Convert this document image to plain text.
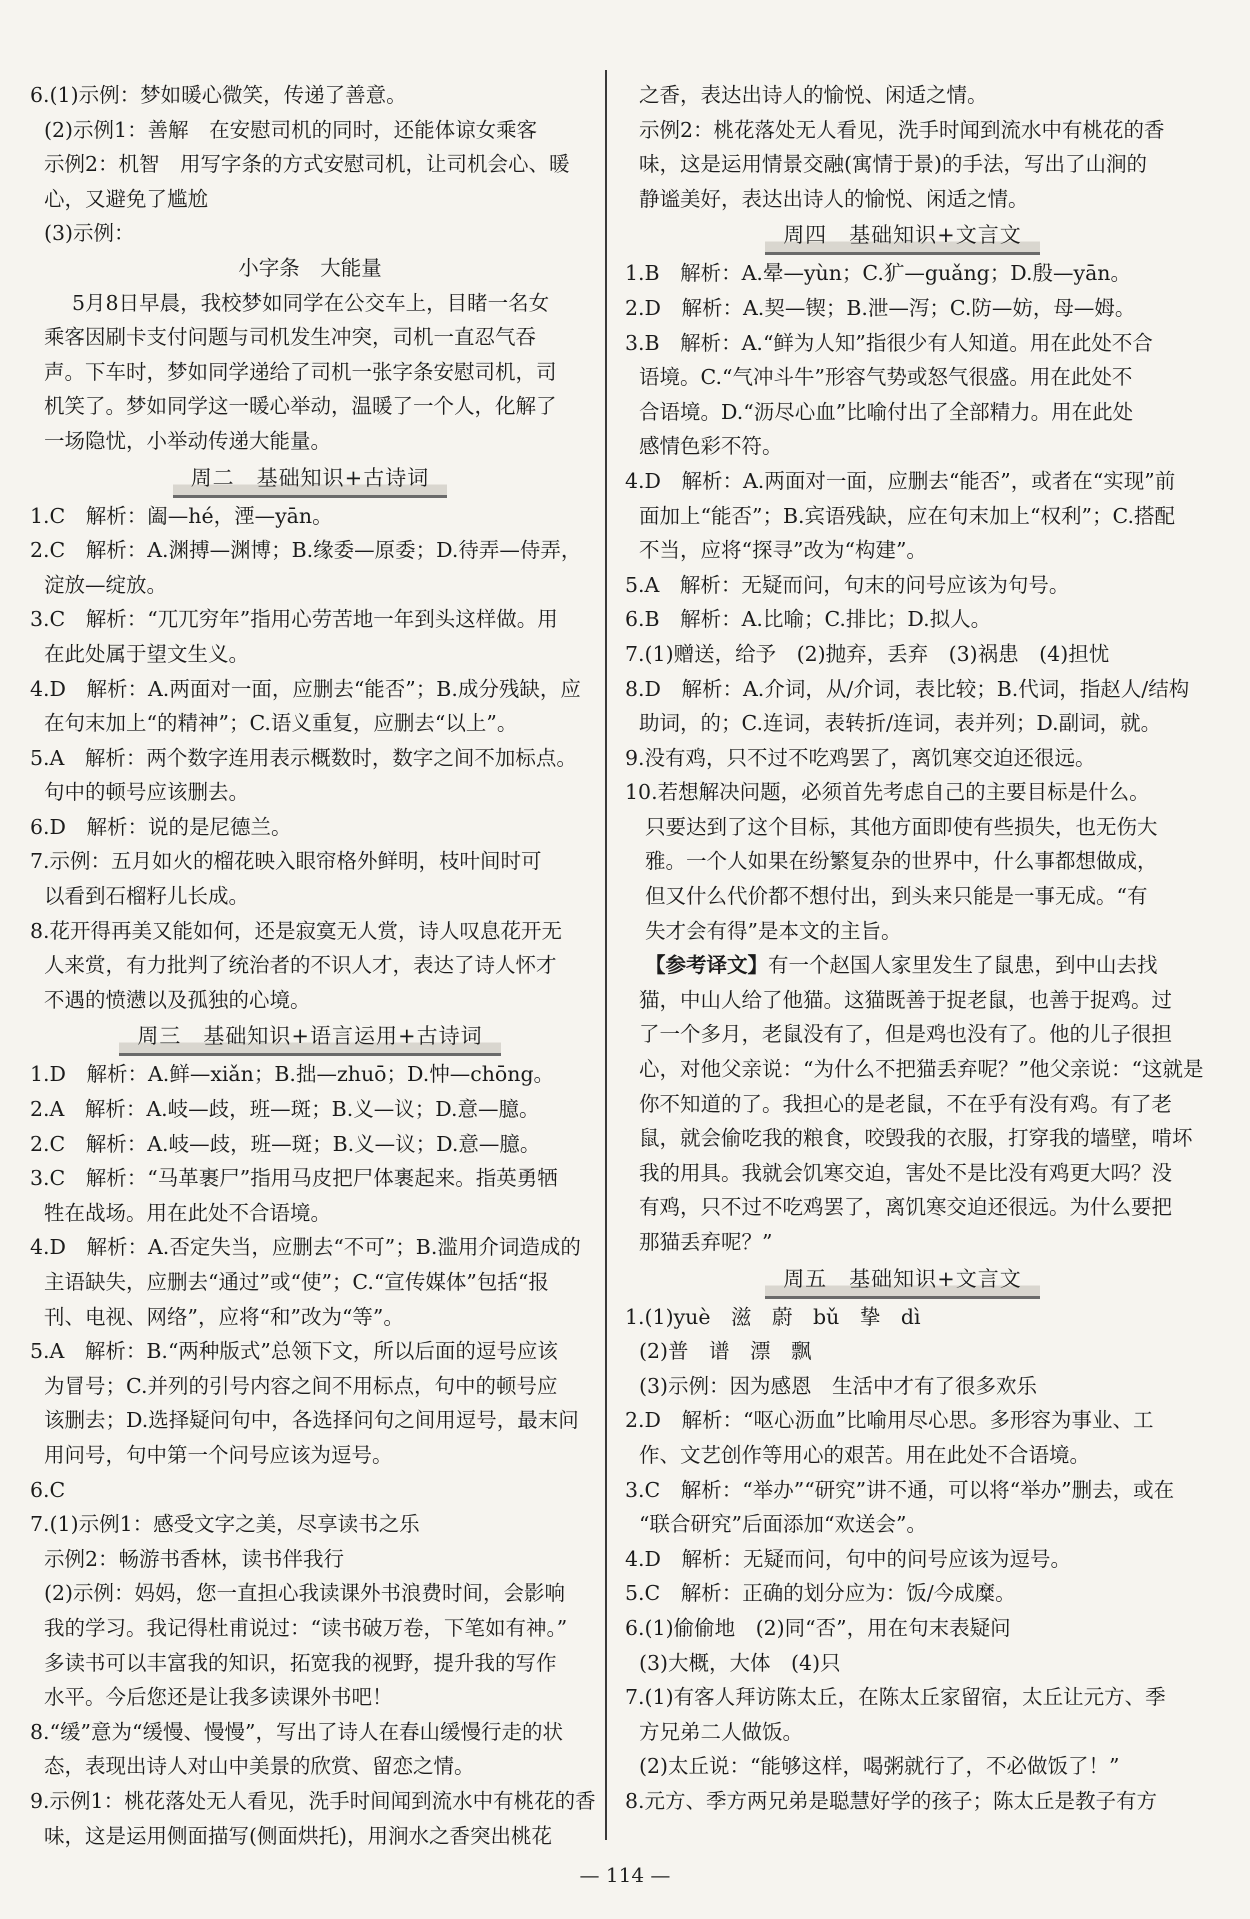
6.(1)示例：梦如暖心微笑，传递了善意。
(2)示例1：善解　在安慰司机的同时，还能体谅女乘客
示例2：机智　用写字条的方式安慰司机，让司机会心、暖
心，又避免了尴尬
(3)示例：
小字条　大能量
5月8日早晨，我校梦如同学在公交车上，目睹一名女
乘客因刷卡支付问题与司机发生冲突，司机一直忍气吞
声。下车时，梦如同学递给了司机一张字条安慰司机，司
机笑了。梦如同学这一暖心举动，温暖了一个人，化解了
一场隐忧，小举动传递大能量。
周二　基础知识+古诗词
1.C　解析：阖—hé，湮—yān。
2.C　解析：A.渊搏—渊博；B.缘委—原委；D.待弄—侍弄，
淀放—绽放。
3.C　解析：“兀兀穷年”指用心劳苦地一年到头这样做。用
在此处属于望文生义。
4.D　解析：A.两面对一面，应删去“能否”；B.成分残缺，应
在句末加上“的精神”；C.语义重复，应删去“以上”。
5.A　解析：两个数字连用表示概数时，数字之间不加标点。
句中的顿号应该删去。
6.D　解析：说的是尼德兰。
7.示例：五月如火的榴花映入眼帘格外鲜明，枝叶间时可
以看到石榴籽儿长成。
8.花开得再美又能如何，还是寂寞无人赏，诗人叹息花开无
人来赏，有力批判了统治者的不识人才，表达了诗人怀才
不遇的愤懑以及孤独的心境。
周三　基础知识+语言运用+古诗词
1.D　解析：A.鲜—xiǎn；B.拙—zhuō；D.忡—chōng。
2.A　解析：A.岐—歧，班—斑；B.义—议；D.意—臆。
2.C　解析：A.岐—歧，班—斑；B.义—议；D.意—臆。
3.C　解析：“马革裹尸”指用马皮把尸体裹起来。指英勇牺
牲在战场。用在此处不合语境。
4.D　解析：A.否定失当，应删去“不可”；B.滥用介词造成的
主语缺失，应删去“通过”或“使”；C.“宣传媒体”包括“报
刊、电视、网络”，应将“和”改为“等”。
5.A　解析：B.“两种版式”总领下文，所以后面的逗号应该
为冒号；C.并列的引号内容之间不用标点，句中的顿号应
该删去；D.选择疑问句中，各选择问句之间用逗号，最末问
用问号，句中第一个问号应该为逗号。
6.C
7.(1)示例1：感受文字之美，尽享读书之乐
示例2：畅游书香林，读书伴我行
(2)示例：妈妈，您一直担心我读课外书浪费时间，会影响
我的学习。我记得杜甫说过：“读书破万卷，下笔如有神。”
多读书可以丰富我的知识，拓宽我的视野，提升我的写作
水平。今后您还是让我多读课外书吧！
8.“缓”意为“缓慢、慢慢”，写出了诗人在春山缓慢行走的状
态，表现出诗人对山中美景的欣赏、留恋之情。
9.示例1：桃花落处无人看见，洗手时间闻到流水中有桃花的香
味，这是运用侧面描写(侧面烘托)，用涧水之香突出桃花
之香，表达出诗人的愉悦、闲适之情。
示例2：桃花落处无人看见，洗手时闻到流水中有桃花的香
味，这是运用情景交融(寓情于景)的手法，写出了山涧的
静谧美好，表达出诗人的愉悦、闲适之情。
周四　基础知识+文言文
1.B　解析：A.晕—yùn；C.犷—guǎng；D.殷—yān。
2.D　解析：A.契—锲；B.泄—泻；C.防—妨，母—姆。
3.B　解析：A.“鲜为人知”指很少有人知道。用在此处不合
语境。C.“气冲斗牛”形容气势或怒气很盛。用在此处不
合语境。D.“沥尽心血”比喻付出了全部精力。用在此处
感情色彩不符。
4.D　解析：A.两面对一面，应删去“能否”，或者在“实现”前
面加上“能否”；B.宾语残缺，应在句末加上“权利”；C.搭配
不当，应将“探寻”改为“构建”。
5.A　解析：无疑而问，句末的问号应该为句号。
6.B　解析：A.比喻；C.排比；D.拟人。
7.(1)赠送，给予　(2)抛弃，丢弃　(3)祸患　(4)担忧
8.D　解析：A.介词，从/介词，表比较；B.代词，指赵人/结构
助词，的；C.连词，表转折/连词，表并列；D.副词，就。
9.没有鸡，只不过不吃鸡罢了，离饥寒交迫还很远。
10.若想解决问题，必须首先考虑自己的主要目标是什么。
只要达到了这个目标，其他方面即使有些损失，也无伤大
雅。一个人如果在纷繁复杂的世界中，什么事都想做成，
但又什么代价都不想付出，到头来只能是一事无成。“有
失才会有得”是本文的主旨。
【参考译文】有一个赵国人家里发生了鼠患，到中山去找
猫，中山人给了他猫。这猫既善于捉老鼠，也善于捉鸡。过
了一个多月，老鼠没有了，但是鸡也没有了。他的儿子很担
心，对他父亲说：“为什么不把猫丢弃呢？”他父亲说：“这就是
你不知道的了。我担心的是老鼠，不在乎有没有鸡。有了老
鼠，就会偷吃我的粮食，咬毁我的衣服，打穿我的墙壁，啃坏
我的用具。我就会饥寒交迫，害处不是比没有鸡更大吗？没
有鸡，只不过不吃鸡罢了，离饥寒交迫还很远。为什么要把
那猫丢弃呢？”
周五　基础知识+文言文
1.(1)yuè　滋　蔚　bǔ　挚　dì
(2)普　谱　漂　飘
(3)示例：因为感恩　生活中才有了很多欢乐
2.D　解析：“呕心沥血”比喻用尽心思。多形容为事业、工
作、文艺创作等用心的艰苦。用在此处不合语境。
3.C　解析：“举办”“研究”讲不通，可以将“举办”删去，或在
“联合研究”后面添加“欢送会”。
4.D　解析：无疑而问，句中的问号应该为逗号。
5.C　解析：正确的划分应为：饭/今成糜。
6.(1)偷偷地　(2)同“否”，用在句末表疑问
(3)大概，大体　(4)只
7.(1)有客人拜访陈太丘，在陈太丘家留宿，太丘让元方、季
方兄弟二人做饭。
(2)太丘说：“能够这样，喝粥就行了，不必做饭了！”
8.元方、季方两兄弟是聪慧好学的孩子；陈太丘是教子有方
— 114 —
